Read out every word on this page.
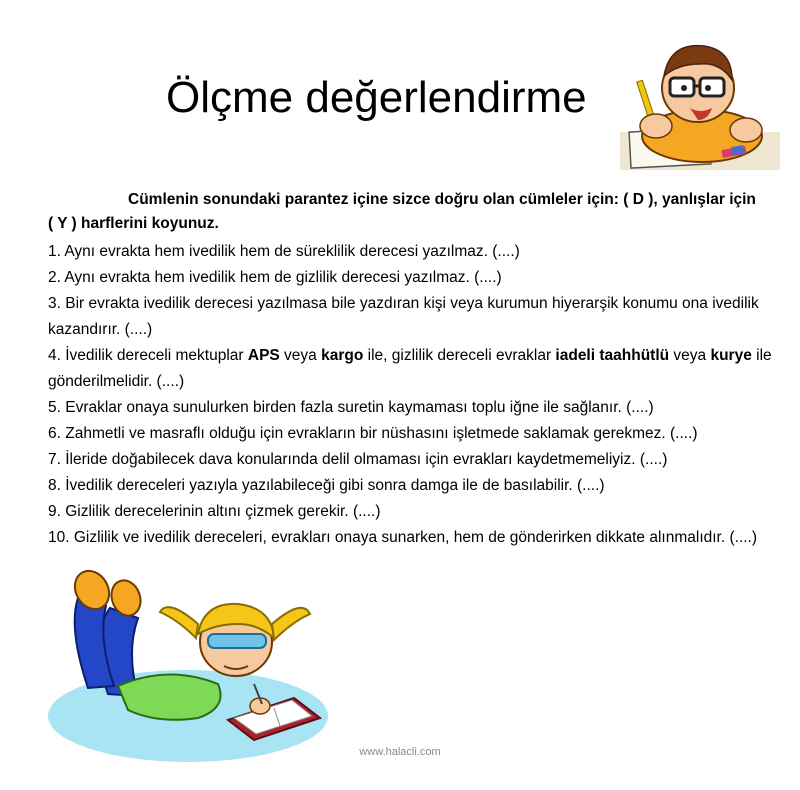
Ölçme değerlendirme

Cümlenin sonundaki parantez içine sizce doğru olan cümleler için: ( D ), yanlışlar için

( Y ) harflerini koyunuz.

1. Aynı evrakta hem ivedilik hem de süreklilik derecesi yazılmaz. (....)

2. Aynı evrakta hem ivedilik hem de gizlilik derecesi yazılmaz. (....)

3. Bir evrakta ivedilik derecesi yazılmasa bile yazdıran kişi veya kurumun hiyerarşik konumu ona ivedilik kazandırır. (....)

4. İvedilik dereceli mektuplar APS veya kargo ile, gizlilik dereceli evraklar iadeli taahhütlü veya kurye ile gönderilmelidir. (....)

5. Evraklar onaya sunulurken birden fazla suretin kaymaması toplu iğne ile sağlanır. (....)

6. Zahmetli ve masraflı olduğu için evrakların bir nüshasını işletmede saklamak gerekmez. (....)

7. İleride doğabilecek dava konularında delil olmaması için evrakları kaydetmemeliyiz. (....)

8. İvedilik dereceleri yazıyla yazılabileceği gibi sonra damga ile de basılabilir. (....)

9. Gizlilik derecelerinin altını çizmek gerekir. (....)

10. Gizlilik ve ivedilik dereceleri, evrakları onaya sunarken, hem de gönderirken dikkate alınmalıdır. (....)

www.halacli.com
